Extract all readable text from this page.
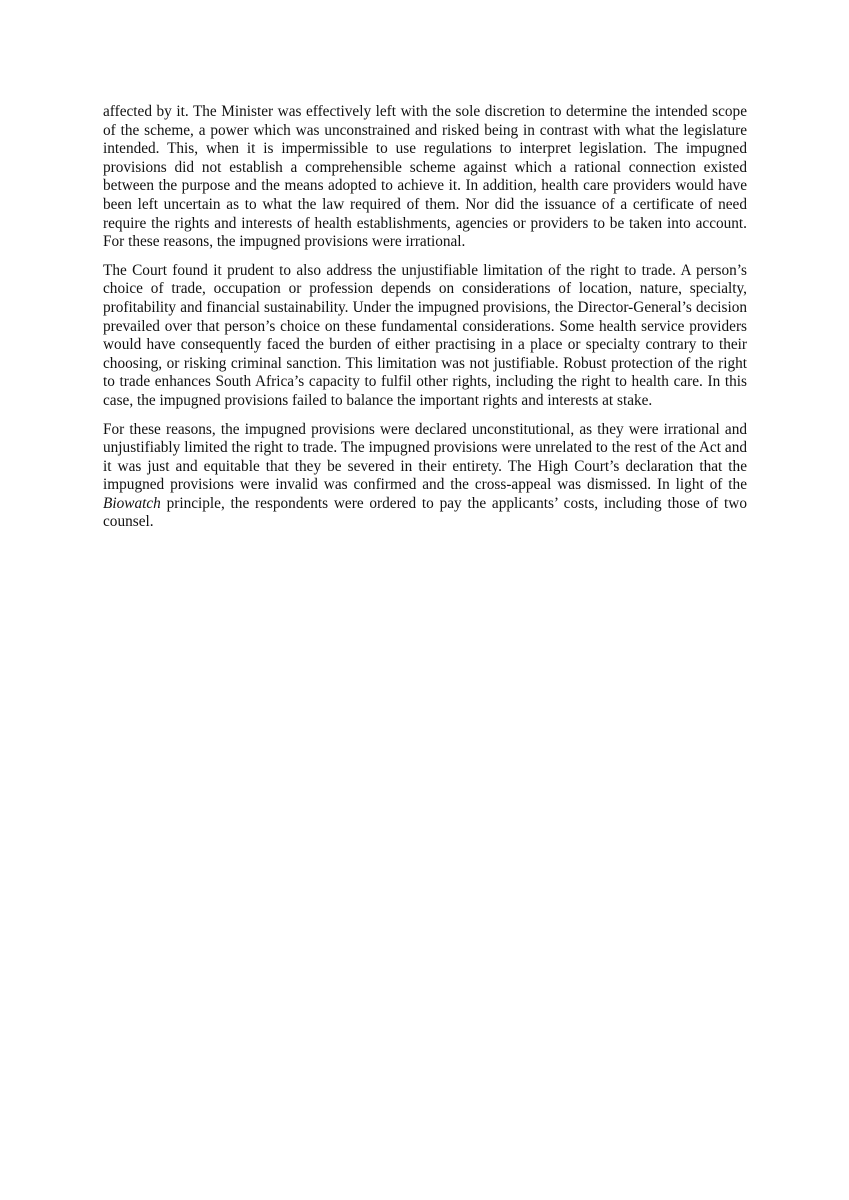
affected by it. The Minister was effectively left with the sole discretion to determine the intended scope of the scheme, a power which was unconstrained and risked being in contrast with what the legislature intended. This, when it is impermissible to use regulations to interpret legislation. The impugned provisions did not establish a comprehensible scheme against which a rational connection existed between the purpose and the means adopted to achieve it. In addition, health care providers would have been left uncertain as to what the law required of them. Nor did the issuance of a certificate of need require the rights and interests of health establishments, agencies or providers to be taken into account. For these reasons, the impugned provisions were irrational.

The Court found it prudent to also address the unjustifiable limitation of the right to trade. A person’s choice of trade, occupation or profession depends on considerations of location, nature, specialty, profitability and financial sustainability. Under the impugned provisions, the Director-General’s decision prevailed over that person’s choice on these fundamental considerations. Some health service providers would have consequently faced the burden of either practising in a place or specialty contrary to their choosing, or risking criminal sanction. This limitation was not justifiable. Robust protection of the right to trade enhances South Africa’s capacity to fulfil other rights, including the right to health care. In this case, the impugned provisions failed to balance the important rights and interests at stake.

For these reasons, the impugned provisions were declared unconstitutional, as they were irrational and unjustifiably limited the right to trade. The impugned provisions were unrelated to the rest of the Act and it was just and equitable that they be severed in their entirety. The High Court’s declaration that the impugned provisions were invalid was confirmed and the cross-appeal was dismissed. In light of the Biowatch principle, the respondents were ordered to pay the applicants’ costs, including those of two counsel.
